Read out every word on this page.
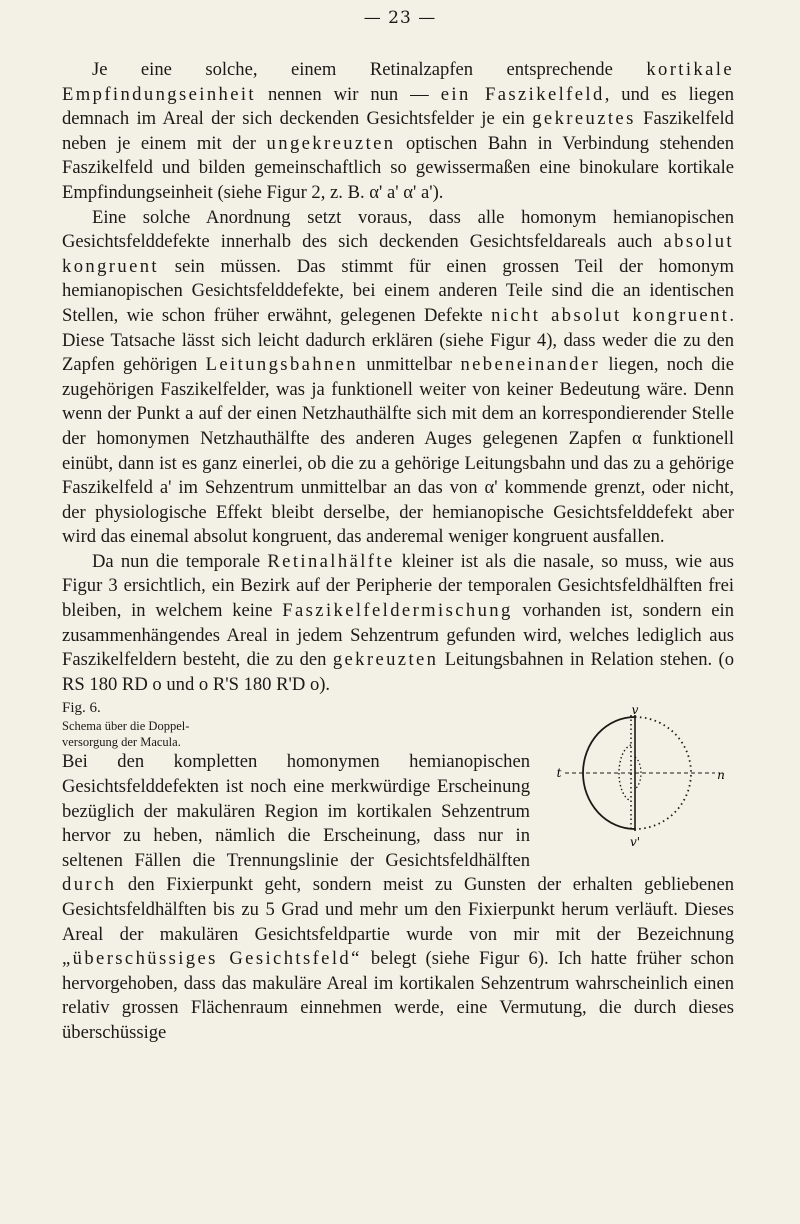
— 23 —

Je eine solche, einem Retinalzapfen entsprechende kortikale Empfindungseinheit nennen wir nun — ein Faszikelfeld, und es liegen demnach im Areal der sich deckenden Gesichtsfelder je ein gekreuztes Faszikelfeld neben je einem mit der ungekreuzten optischen Bahn in Verbindung stehenden Faszikelfeld und bilden gemeinschaftlich so gewissermaßen eine binokulare kortikale Empfindungseinheit (siehe Figur 2, z. B. α' a' α' a').

Eine solche Anordnung setzt voraus, dass alle homonym hemianopischen Gesichtsfelddefekte innerhalb des sich deckenden Gesichtsfeldareals auch absolut kongruent sein müssen. Das stimmt für einen grossen Teil der homonym hemianopischen Gesichtsfelddefekte, bei einem anderen Teile sind die an identischen Stellen, wie schon früher erwähnt, gelegenen Defekte nicht absolut kongruent. Diese Tatsache lässt sich leicht dadurch erklären (siehe Figur 4), dass weder die zu den Zapfen gehörigen Leitungsbahnen unmittelbar nebeneinander liegen, noch die zugehörigen Faszikelfelder, was ja funktionell weiter von keiner Bedeutung wäre. Denn wenn der Punkt a auf der einen Netzhauthälfte sich mit dem an korrespondierender Stelle der homonymen Netzhauthälfte des anderen Auges gelegenen Zapfen α funktionell einübt, dann ist es ganz einerlei, ob die zu a gehörige Leitungsbahn und das zu a gehörige Faszikelfeld a' im Sehzentrum unmittelbar an das von α' kommende grenzt, oder nicht, der physiologische Effekt bleibt derselbe, der hemianopische Gesichtsfelddefekt aber wird das einemal absolut kongruent, das anderemal weniger kongruent ausfallen.

Da nun die temporale Retinalhälfte kleiner ist als die nasale, so muss, wie aus Figur 3 ersichtlich, ein Bezirk auf der Peripherie der temporalen Gesichtsfeldhälften frei bleiben, in welchem keine Faszikelfeldermischung vorhanden ist, sondern ein zusammenhängendes Areal in jedem Sehzentrum gefunden wird, welches lediglich aus Faszikelfeldern besteht, die zu den gekreuzten Leitungsbahnen in Relation stehen. (o RS 180 RD o und o R'S 180 R'D o).

v
v'
t	n

Fig. 6.
Schema über die Doppel-
versorgung der Macula.
Bei den kompletten homonymen hemianopischen Gesichtsfelddefekten ist noch eine merkwürdige Erscheinung bezüglich der makulären Region im kortikalen Sehzentrum hervor zu heben, nämlich die Erscheinung, dass nur in seltenen Fällen die Trennungslinie der Gesichtsfeldhälften durch den Fixierpunkt geht, sondern meist zu Gunsten der erhalten gebliebenen Gesichtsfeldhälften bis zu 5 Grad und mehr um den Fixierpunkt herum verläuft. Dieses Areal der makulären Gesichtsfeldpartie wurde von mir mit der Bezeichnung „überschüssiges Gesichtsfeld“ belegt (siehe Figur 6). Ich hatte früher schon hervorgehoben, dass das makuläre Areal im kortikalen Sehzentrum wahrscheinlich einen relativ grossen Flächenraum einnehmen werde, eine Vermutung, die durch dieses überschüssige
